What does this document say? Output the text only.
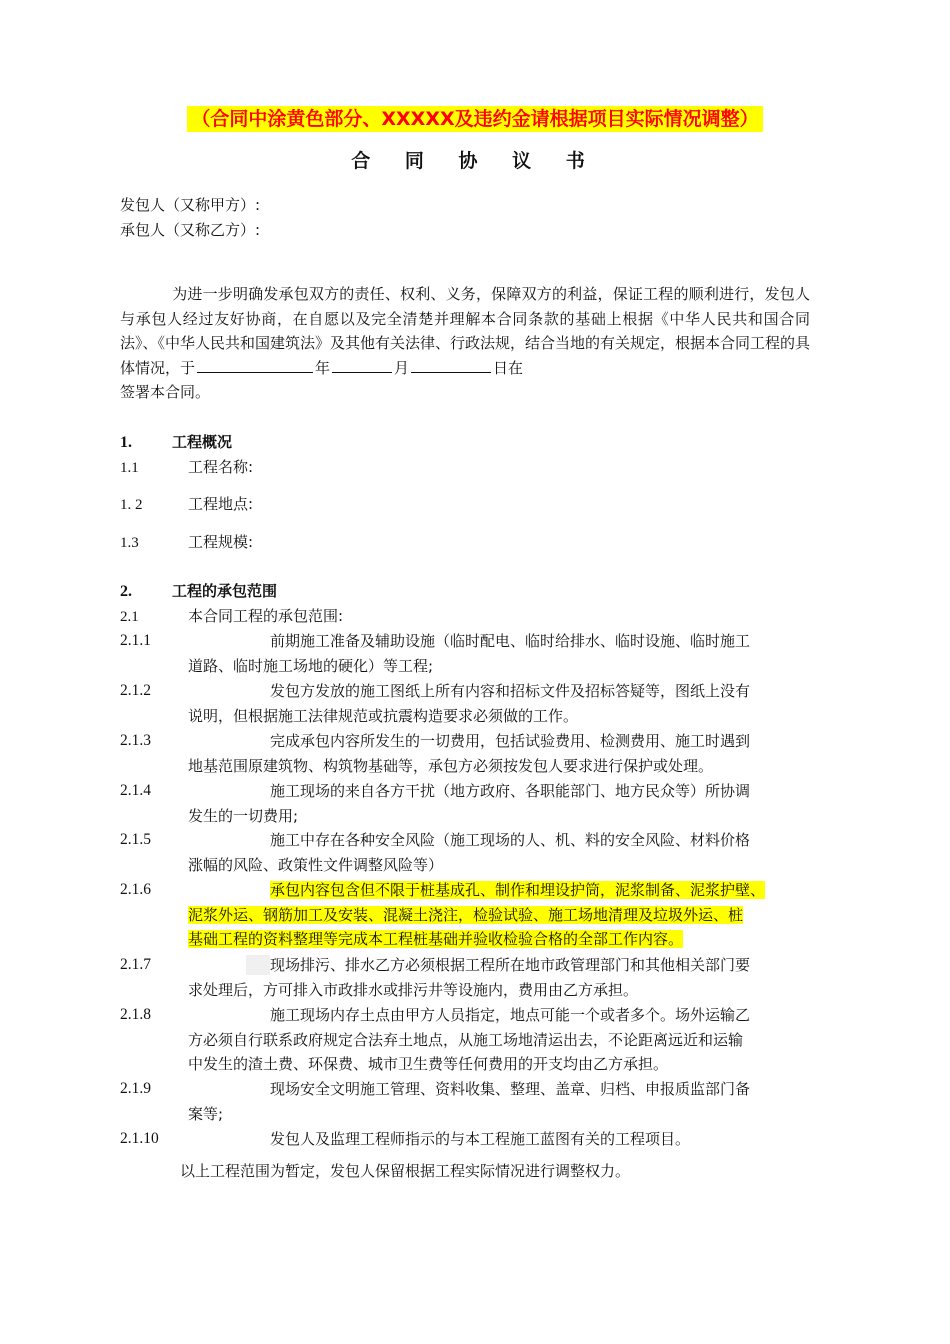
（合同中涂黄色部分、XXXXX及违约金请根据项目实际情况调整）
合 同 协 议 书
发包人（又称甲方）:
承包人（又称乙方）:
为进一步明确发承包双方的责任、权利、义务，保障双方的利益，保证工程的顺利进行，发包人与承包人经过友好协商，在自愿以及完全清楚并理解本合同条款的基础上根据《中华人民共和国合同法》、《中华人民共和国建筑法》及其他有关法律、行政法规，结合当地的有关规定，根据本合同工程的具体情况，于	年	月	日在
签署本合同。
1.	工程概况
1.1	工程名称:
1. 2	工程地点:
1.3	工程规模:
2.	工程的承包范围
2.1	本合同工程的承包范围:
2.1.1	前期施工准备及辅助设施（临时配电、临时给排水、临时设施、临时施工
道路、临时施工场地的硬化）等工程;
2.1.2	发包方发放的施工图纸上所有内容和招标文件及招标答疑等，图纸上没有
说明，但根据施工法律规范或抗震构造要求必须做的工作。
2.1.3	完成承包内容所发生的一切费用，包括试验费用、检测费用、施工时遇到
地基范围原建筑物、构筑物基础等，承包方必须按发包人要求进行保护或处理。
2.1.4	施工现场的来自各方干扰（地方政府、各职能部门、地方民众等）所协调
发生的一切费用;
2.1.5	施工中存在各种安全风险（施工现场的人、机、料的安全风险、材料价格
涨幅的风险、政策性文件调整风险等）
2.1.6	承包内容包含但不限于桩基成孔、制作和埋设护筒，泥浆制备、泥浆护壁、
泥浆外运、钢筋加工及安装、混凝土浇注，检验试验、施工场地清理及垃圾外运、桩
基础工程的资料整理等完成本工程桩基础并验收检验合格的全部工作内容。
2.1.7	现场排污、排水乙方必须根据工程所在地市政管理部门和其他相关部门要
求处理后，方可排入市政排水或排污井等设施内，费用由乙方承担。
2.1.8	施工现场内存土点由甲方人员指定，地点可能一个或者多个。场外运输乙
方必须自行联系政府规定合法弃土地点，从施工场地清运出去，不论距离远近和运输
中发生的渣土费、环保费、城市卫生费等任何费用的开支均由乙方承担。
2.1.9	现场安全文明施工管理、资料收集、整理、盖章、归档、申报质监部门备
案等;
2.1.10	发包人及监理工程师指示的与本工程施工蓝图有关的工程项目。
以上工程范围为暂定，发包人保留根据工程实际情况进行调整权力。
